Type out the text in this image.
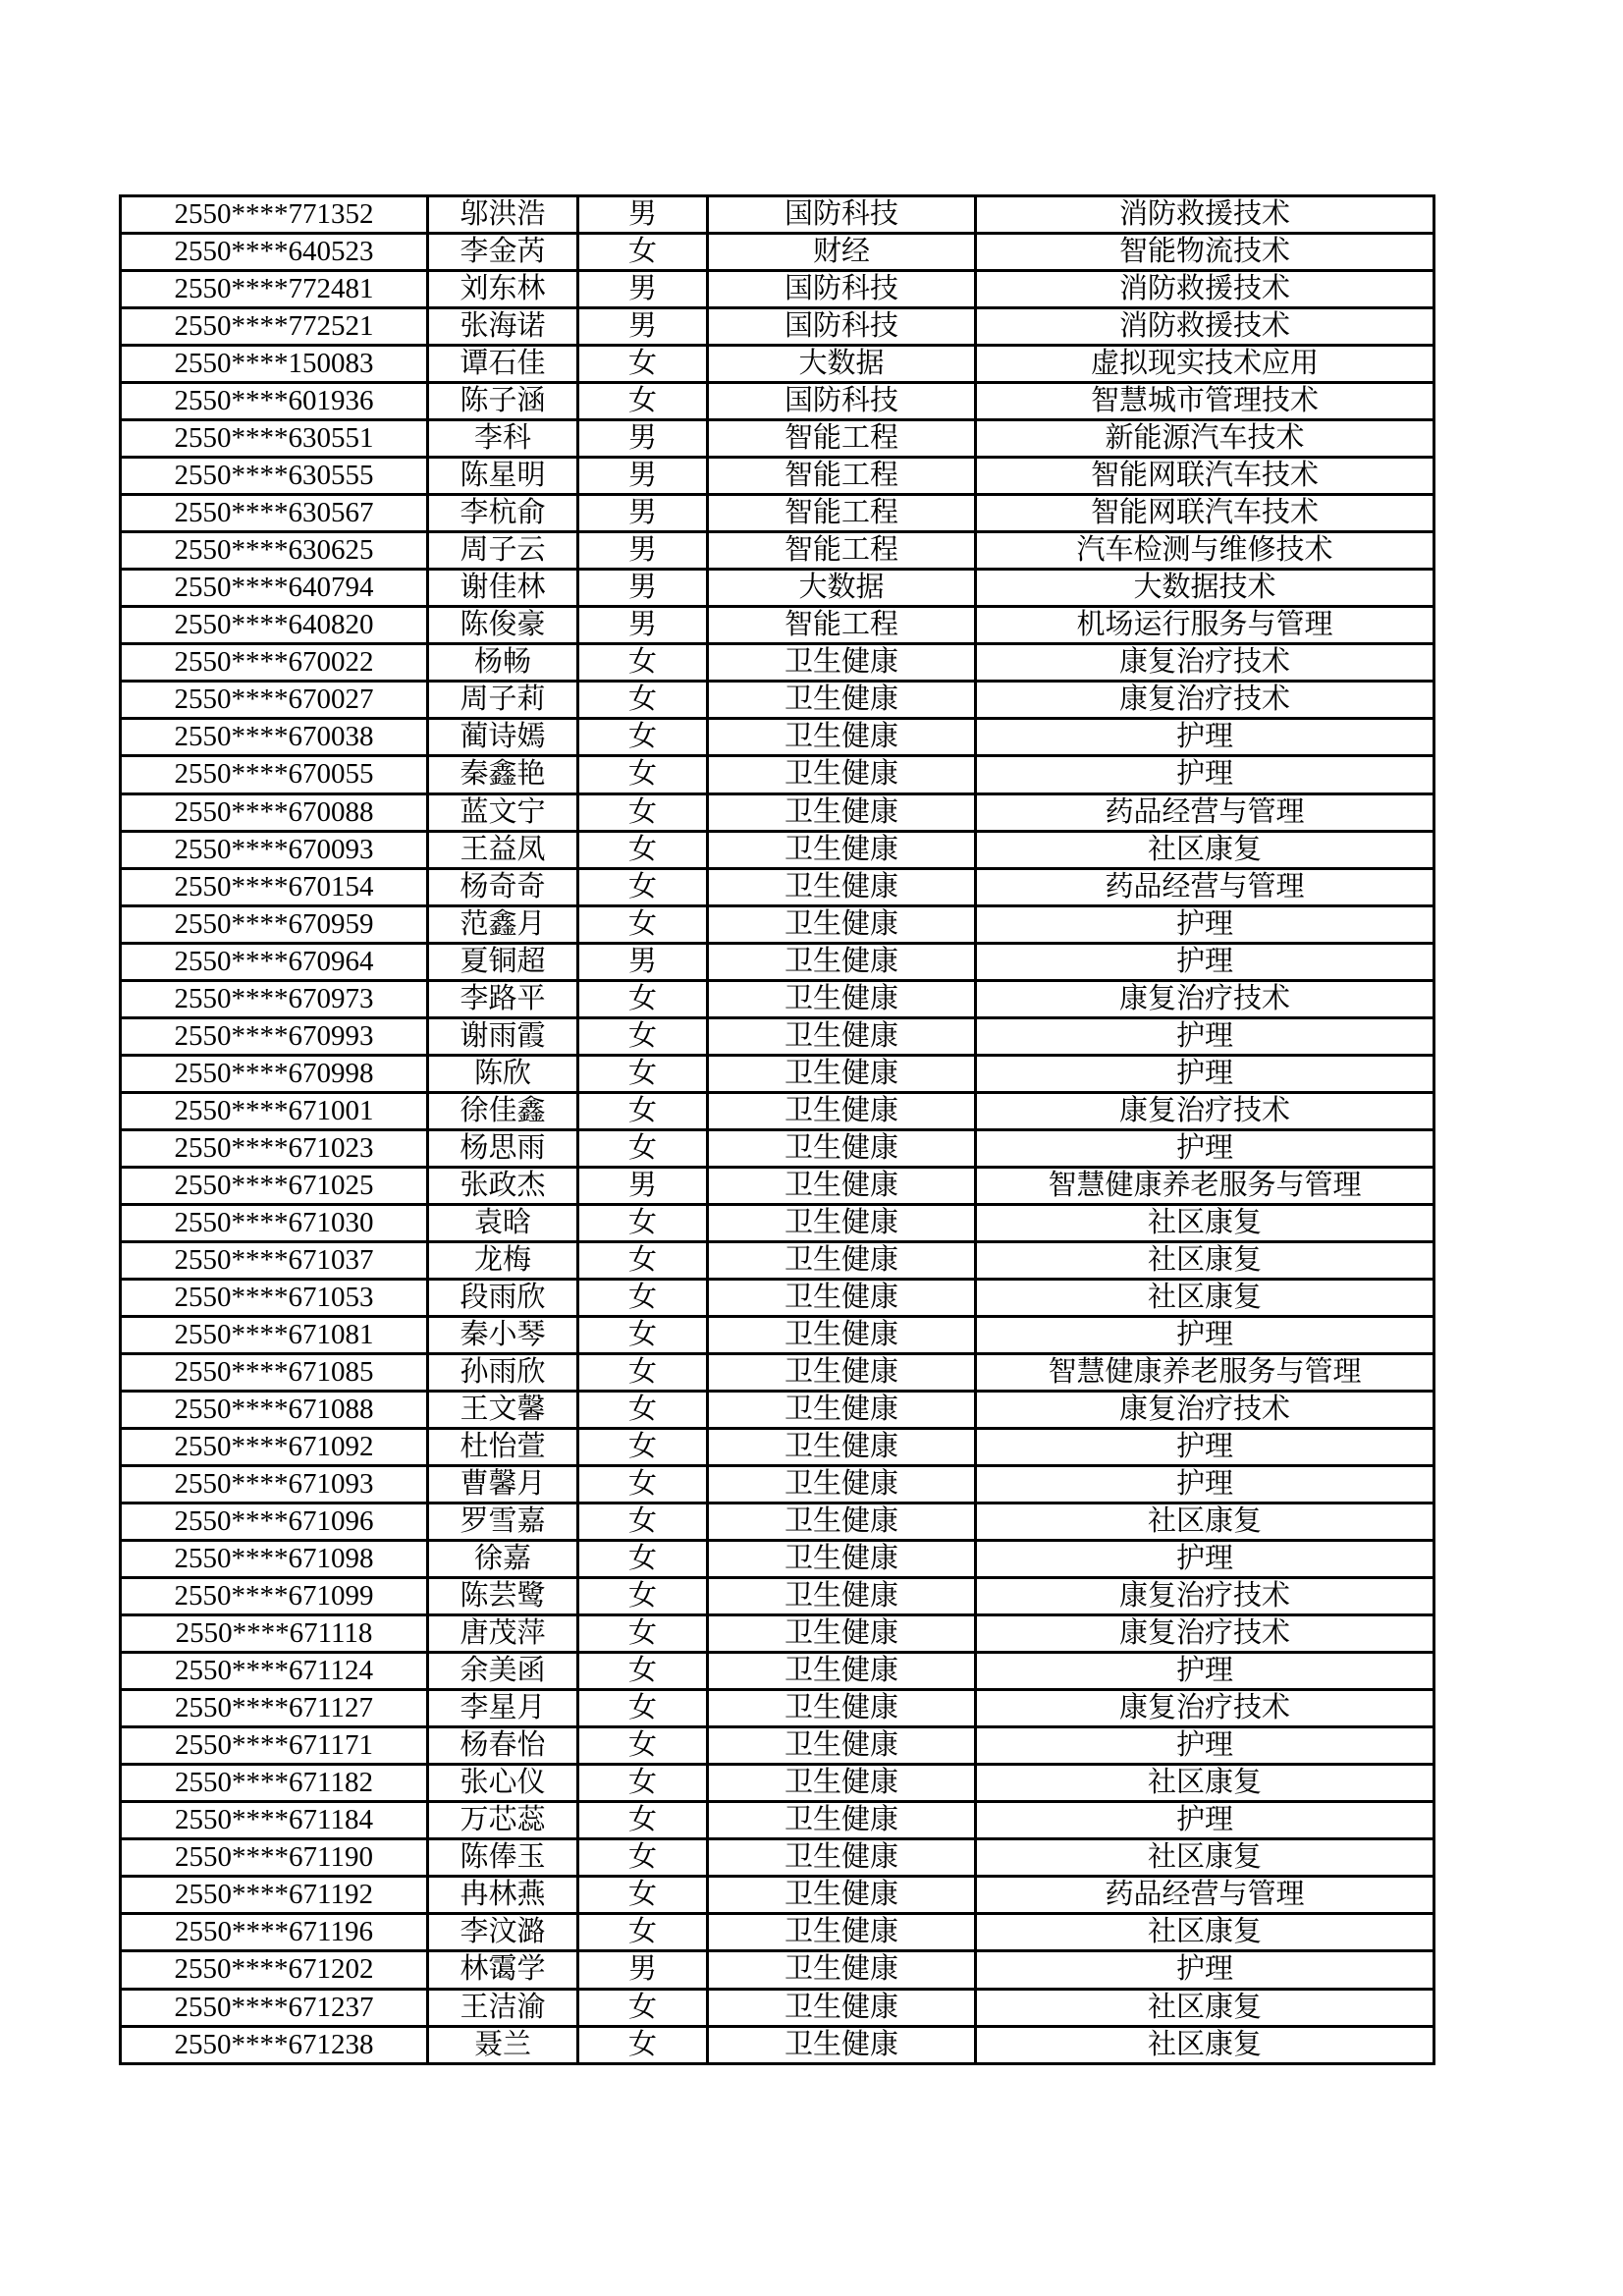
2550****771352	邬洪浩	男	国防科技	消防救援技术
2550****640523	李金芮	女	财经	智能物流技术
2550****772481	刘东林	男	国防科技	消防救援技术
2550****772521	张海诺	男	国防科技	消防救援技术
2550****150083	谭石佳	女	大数据	虚拟现实技术应用
2550****601936	陈子涵	女	国防科技	智慧城市管理技术
2550****630551	李科	男	智能工程	新能源汽车技术
2550****630555	陈星明	男	智能工程	智能网联汽车技术
2550****630567	李杭俞	男	智能工程	智能网联汽车技术
2550****630625	周子云	男	智能工程	汽车检测与维修技术
2550****640794	谢佳林	男	大数据	大数据技术
2550****640820	陈俊豪	男	智能工程	机场运行服务与管理
2550****670022	杨畅	女	卫生健康	康复治疗技术
2550****670027	周子莉	女	卫生健康	康复治疗技术
2550****670038	蔺诗嫣	女	卫生健康	护理
2550****670055	秦鑫艳	女	卫生健康	护理
2550****670088	蓝文宁	女	卫生健康	药品经营与管理
2550****670093	王益凤	女	卫生健康	社区康复
2550****670154	杨奇奇	女	卫生健康	药品经营与管理
2550****670959	范鑫月	女	卫生健康	护理
2550****670964	夏铜超	男	卫生健康	护理
2550****670973	李路平	女	卫生健康	康复治疗技术
2550****670993	谢雨霞	女	卫生健康	护理
2550****670998	陈欣	女	卫生健康	护理
2550****671001	徐佳鑫	女	卫生健康	康复治疗技术
2550****671023	杨思雨	女	卫生健康	护理
2550****671025	张政杰	男	卫生健康	智慧健康养老服务与管理
2550****671030	袁晗	女	卫生健康	社区康复
2550****671037	龙梅	女	卫生健康	社区康复
2550****671053	段雨欣	女	卫生健康	社区康复
2550****671081	秦小琴	女	卫生健康	护理
2550****671085	孙雨欣	女	卫生健康	智慧健康养老服务与管理
2550****671088	王文馨	女	卫生健康	康复治疗技术
2550****671092	杜怡萱	女	卫生健康	护理
2550****671093	曹馨月	女	卫生健康	护理
2550****671096	罗雪嘉	女	卫生健康	社区康复
2550****671098	徐嘉	女	卫生健康	护理
2550****671099	陈芸鹭	女	卫生健康	康复治疗技术
2550****671118	唐茂萍	女	卫生健康	康复治疗技术
2550****671124	余美函	女	卫生健康	护理
2550****671127	李星月	女	卫生健康	康复治疗技术
2550****671171	杨春怡	女	卫生健康	护理
2550****671182	张心仪	女	卫生健康	社区康复
2550****671184	万芯蕊	女	卫生健康	护理
2550****671190	陈俸玉	女	卫生健康	社区康复
2550****671192	冉林燕	女	卫生健康	药品经营与管理
2550****671196	李汶潞	女	卫生健康	社区康复
2550****671202	林霭学	男	卫生健康	护理
2550****671237	王洁渝	女	卫生健康	社区康复
2550****671238	聂兰	女	卫生健康	社区康复
